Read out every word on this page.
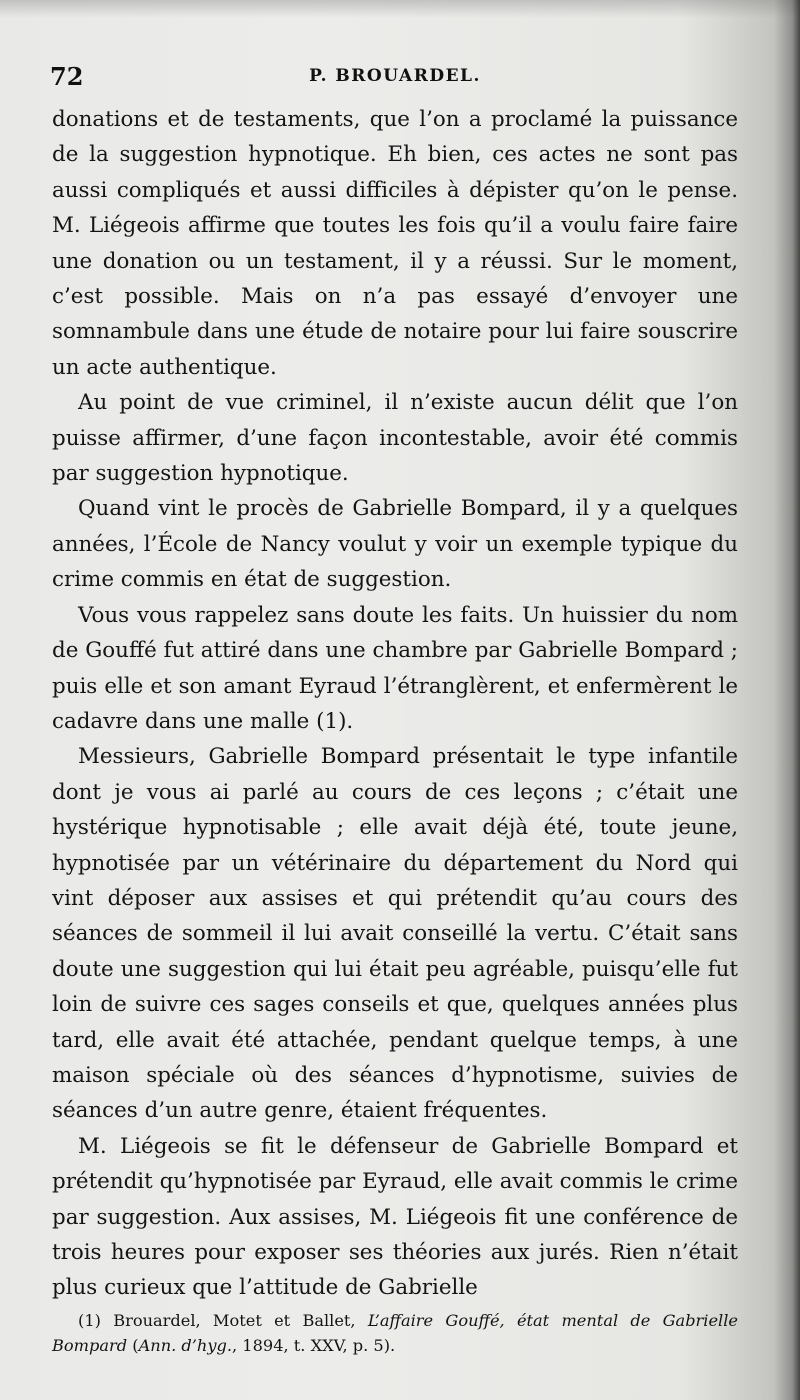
72	P. BROUARDEL.

donations et de testaments, que l’on a proclamé la puissance de la suggestion hypnotique. Eh bien, ces actes ne sont pas aussi compliqués et aussi difficiles à dépister qu’on le pense. M. Liégeois affirme que toutes les fois qu’il a voulu faire faire une donation ou un testament, il y a réussi. Sur le moment, c’est possible. Mais on n’a pas essayé d’envoyer une somnambule dans une étude de notaire pour lui faire souscrire un acte authentique.

Au point de vue criminel, il n’existe aucun délit que l’on puisse affirmer, d’une façon incontestable, avoir été commis par suggestion hypnotique.

Quand vint le procès de Gabrielle Bompard, il y a quelques années, l’École de Nancy voulut y voir un exemple typique du crime commis en état de suggestion.

Vous vous rappelez sans doute les faits. Un huissier du nom de Gouffé fut attiré dans une chambre par Gabrielle Bompard ; puis elle et son amant Eyraud l’étranglèrent, et enfermèrent le cadavre dans une malle (1).

Messieurs, Gabrielle Bompard présentait le type infantile dont je vous ai parlé au cours de ces leçons ; c’était une hystérique hypnotisable ; elle avait déjà été, toute jeune, hypnotisée par un vétérinaire du département du Nord qui vint déposer aux assises et qui prétendit qu’au cours des séances de sommeil il lui avait conseillé la vertu. C’était sans doute une suggestion qui lui était peu agréable, puisqu’elle fut loin de suivre ces sages conseils et que, quelques années plus tard, elle avait été attachée, pendant quelque temps, à une maison spéciale où des séances d’hypnotisme, suivies de séances d’un autre genre, étaient fréquentes.

M. Liégeois se fit le défenseur de Gabrielle Bompard et prétendit qu’hypnotisée par Eyraud, elle avait commis le crime par suggestion. Aux assises, M. Liégeois fit une conférence de trois heures pour exposer ses théories aux jurés. Rien n’était plus curieux que l’attitude de Gabrielle

(1) Brouardel, Motet et Ballet, L’affaire Gouffé, état mental de Gabrielle Bompard (Ann. d’hyg., 1894, t. XXV, p. 5).
